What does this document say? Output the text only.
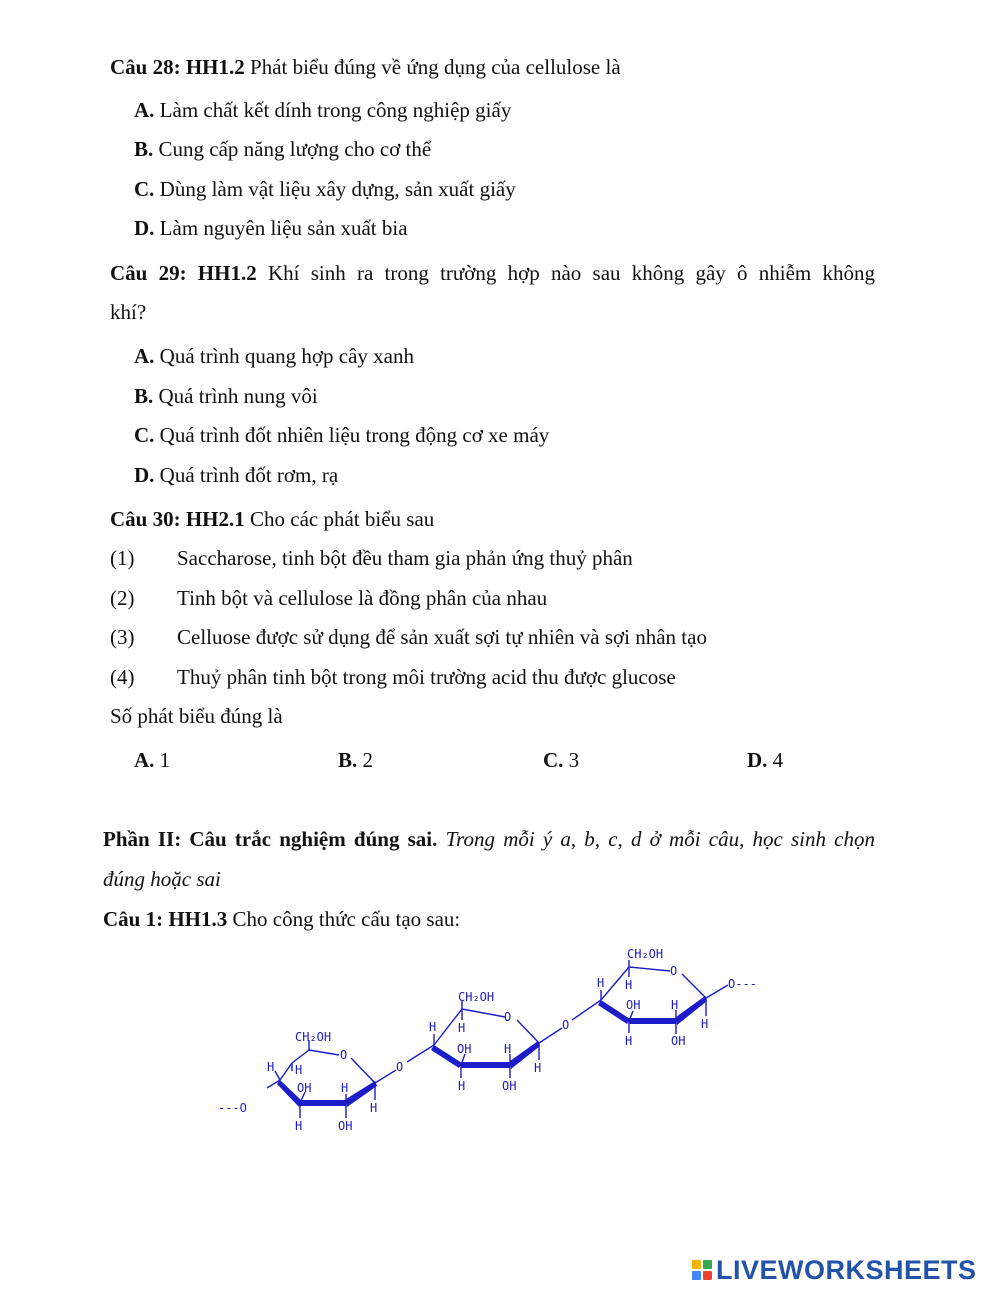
Câu 28: HH1.2 Phát biểu đúng về ứng dụng của cellulose là
A. Làm chất kết dính trong công nghiệp giấy
B. Cung cấp năng lượng cho cơ thể
C. Dùng làm vật liệu xây dựng, sản xuất giấy
D. Làm nguyên liệu sản xuất bia
Câu 29: HH1.2 Khí sinh ra trong trường hợp nào sau không gây ô nhiễm không
khí?
A. Quá trình quang hợp cây xanh
B. Quá trình nung vôi
C. Quá trình đốt nhiên liệu trong động cơ xe máy
D. Quá trình đốt rơm, rạ
Câu 30: HH2.1 Cho các phát biểu sau
(1) Saccharose, tinh bột đều tham gia phản ứng thuỷ phân
(2) Tinh bột và cellulose là đồng phân của nhau
(3) Celluose được sử dụng để sản xuất sợi tự nhiên và sợi nhân tạo
(4) Thuỷ phân tinh bột trong môi trường acid thu được glucose
Số phát biểu đúng là
A. 1	B. 2	C. 3	D. 4
Phần II: Câu trắc nghiệm đúng sai. Trong mỗi ý a, b, c, d ở mỗi câu, học sinh chọn
đúng hoặc sai
Câu 1: HH1.3 Cho công thức cấu tạo sau:
---O
CH₂OH
O
H H
OH H
H
H	OH
O
CH₂OH
O
H H
OH	H
H
H	OH
O
CH₂OH
O
H H
OH	H
H
H	OH
O---
LIVEWORKSHEETS
